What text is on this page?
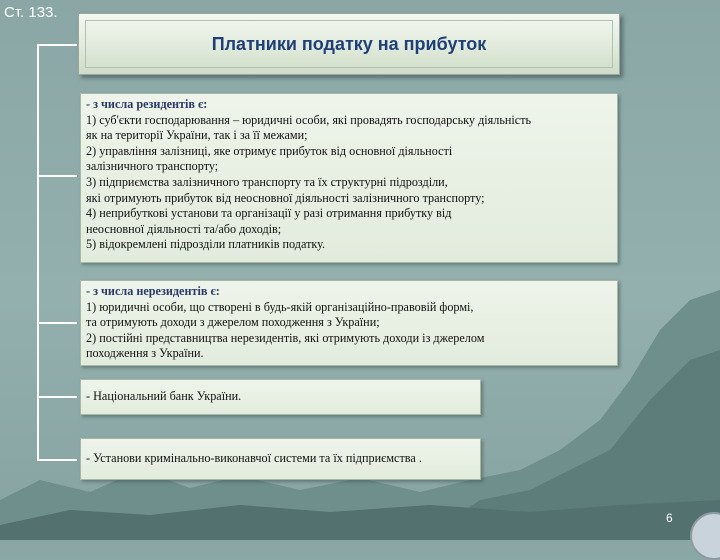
Ст. 133.
Платники податку на прибуток

- з числа резидентів є:

1) суб'єкти господарювання – юридичні особи, які провадять господарську діяльність

як на території України, так і за її межами;

2) управління залізниці, яке отримує прибуток від основної діяльності

залізничного транспорту;

3) підприємства залізничного транспорту та їх структурні підрозділи,

які отримують прибуток від неосновної діяльності залізничного транспорту;

4) неприбуткові установи та організації у разі отримання прибутку від

неосновної діяльності та/або доходів;

5) відокремлені підрозділи платників податку.

- з числа нерезидентів є:

1) юридичні особи, що створені в будь-якій організаційно-правовій формі,

та отримують доходи з джерелом походження з України;

2) постійні представництва нерезидентів, які отримують доходи із джерелом

походження з України.

- Національний банк України.

- Установи кримінально-виконавчої системи та їх підприємства .

6
